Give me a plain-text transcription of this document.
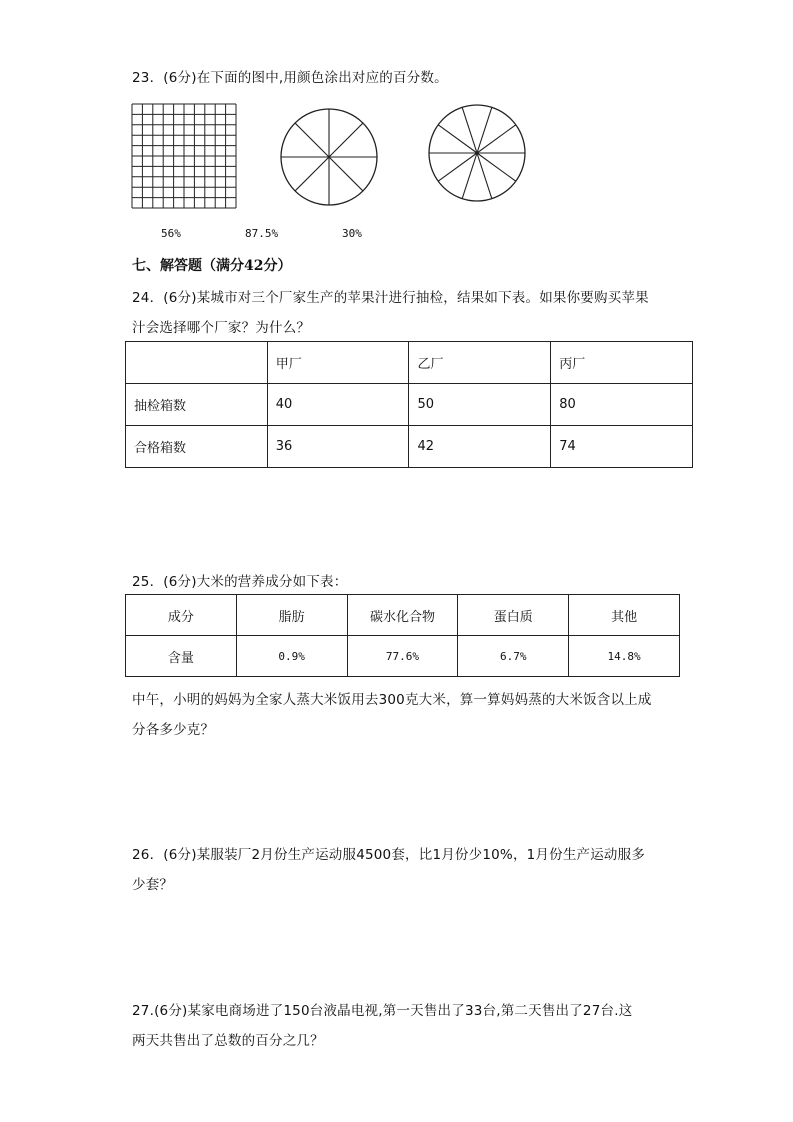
23．(6分)在下面的图中,用颜色涂出对应的百分数。
56%	87.5%	30%
七、解答题（满分42分）
24．(6分)某城市对三个厂家生产的苹果汁进行抽检，结果如下表。如果你要购买苹果
汁会选择哪个厂家？为什么？
	甲厂	乙厂	丙厂
抽检箱数	40	50	80
合格箱数	36	42	74
25．(6分)大米的营养成分如下表：
成分	脂肪	碳水化合物	蛋白质	其他
含量	0.9%	77.6%	6.7%	14.8%
中午，小明的妈妈为全家人蒸大米饭用去300克大米，算一算妈妈蒸的大米饭含以上成
分各多少克？
26．(6分)某服装厂2月份生产运动服4500套，比1月份少10%，1月份生产运动服多
少套？
27.(6分)某家电商场进了150台液晶电视,第一天售出了33台,第二天售出了27台.这
两天共售出了总数的百分之几？
